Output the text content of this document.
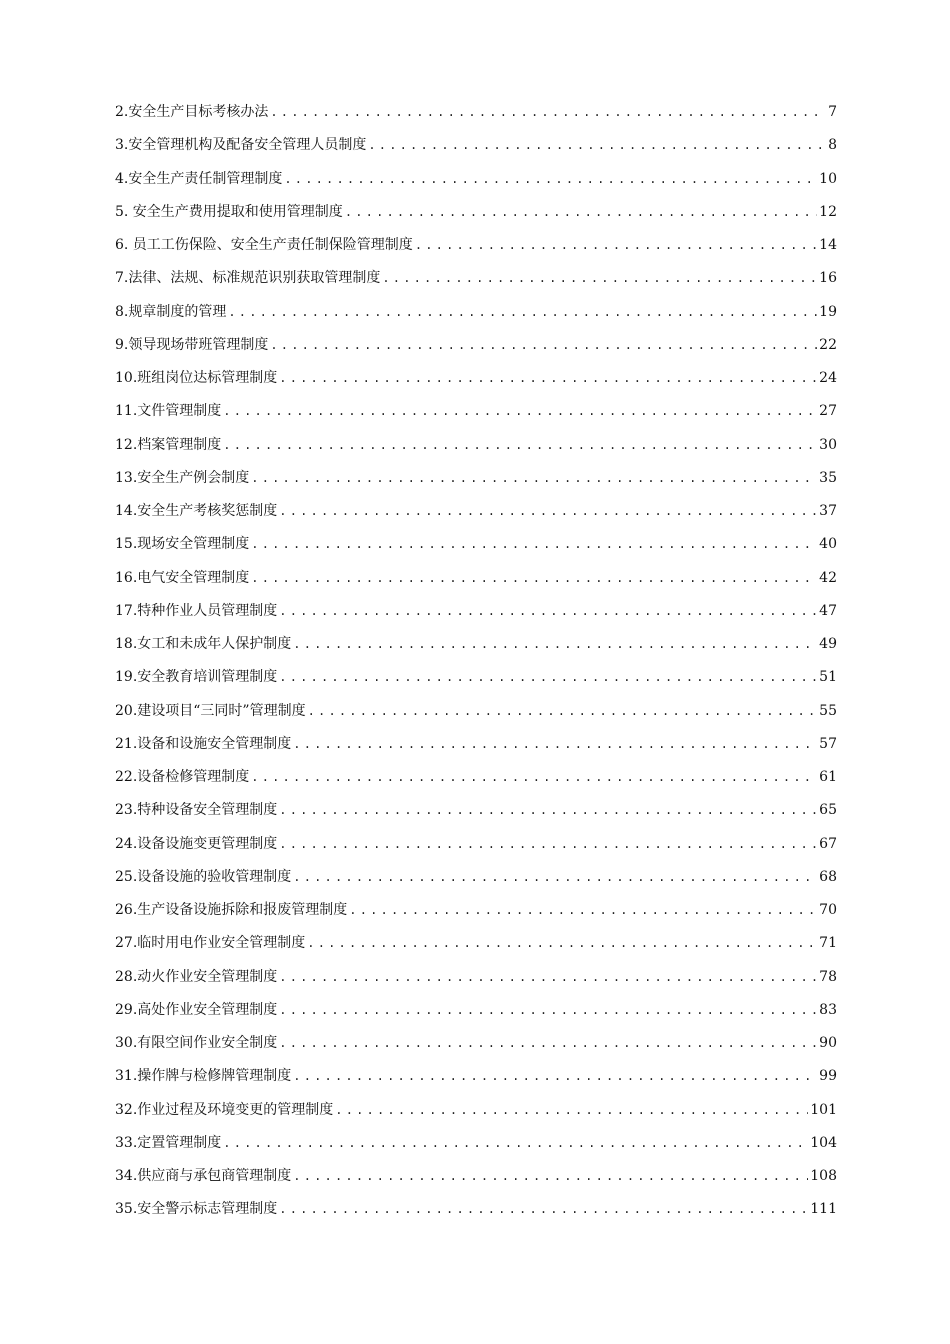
2.安全生产目标考核办法 .....	7
3.安全管理机构及配备安全管理人员制度 .....	8
4.安全生产责任制管理制度 .....	10
5. 安全生产费用提取和使用管理制度 .....	12
6. 员工工伤保险、安全生产责任制保险管理制度 .....	14
7.法律、法规、标准规范识别获取管理制度 .....	16
8.规章制度的管理 .....	19
9.领导现场带班管理制度 .....	22
10.班组岗位达标管理制度 .....	24
11.文件管理制度 .....	27
12.档案管理制度 .....	30
13.安全生产例会制度 .....	35
14.安全生产考核奖惩制度 .....	37
15.现场安全管理制度 .....	40
16.电气安全管理制度 .....	42
17.特种作业人员管理制度 .....	47
18.女工和未成年人保护制度 .....	49
19.安全教育培训管理制度 .....	51
20.建设项目“三同时”管理制度 .....	55
21.设备和设施安全管理制度 .....	57
22.设备检修管理制度 .....	61
23.特种设备安全管理制度 .....	65
24.设备设施变更管理制度 .....	67
25.设备设施的验收管理制度 .....	68
26.生产设备设施拆除和报废管理制度 .....	70
27.临时用电作业安全管理制度 .....	71
28.动火作业安全管理制度 .....	78
29.高处作业安全管理制度 .....	83
30.有限空间作业安全制度 .....	90
31.操作牌与检修牌管理制度 .....	99
32.作业过程及环境变更的管理制度 .....	101
33.定置管理制度 .....	104
34.供应商与承包商管理制度 .....	108
35.安全警示标志管理制度 .....	111
